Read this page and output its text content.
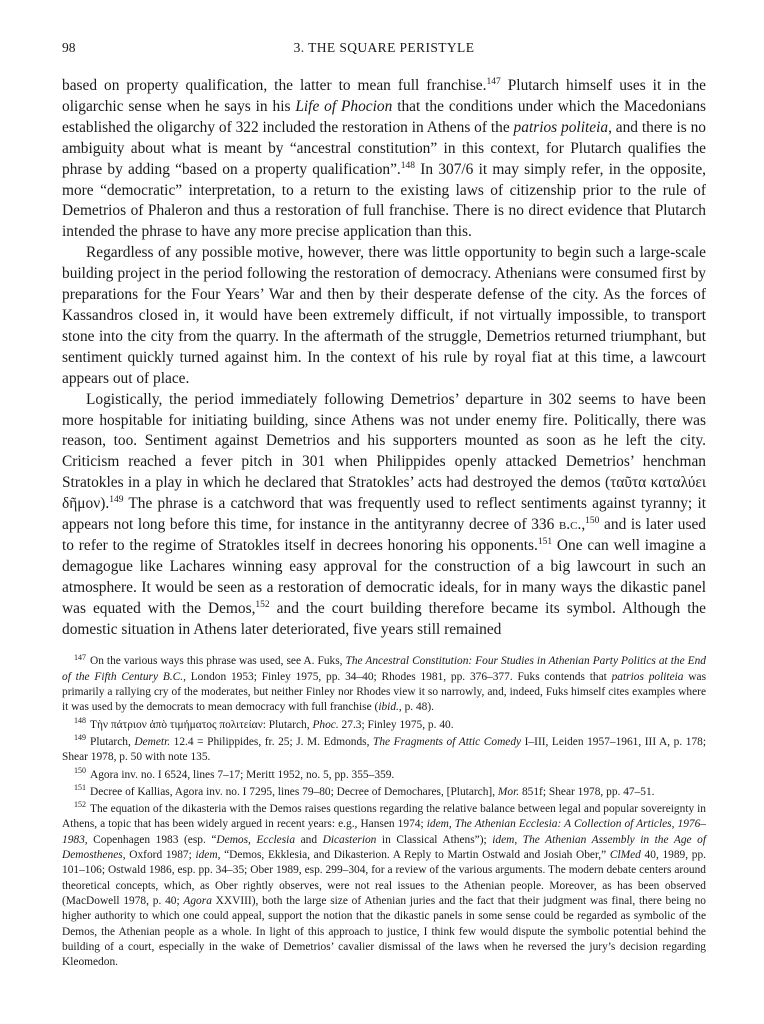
98	3. THE SQUARE PERISTYLE

based on property qualification, the latter to mean full franchise.$^{147}$ Plutarch himself uses it in the oligarchic sense when he says in his Life of Phocion that the conditions under which the Macedonians established the oligarchy of 322 included the restoration in Athens of the patrios politeia, and there is no ambiguity about what is meant by “ancestral constitution” in this context, for Plutarch qualifies the phrase by adding “based on a property qualification”.$^{148}$ In 307/6 it may simply refer, in the opposite, more “democratic” interpretation, to a return to the existing laws of citizenship prior to the rule of Demetrios of Phaleron and thus a restoration of full franchise. There is no direct evidence that Plutarch intended the phrase to have any more precise application than this.

Regardless of any possible motive, however, there was little opportunity to begin such a large-scale building project in the period following the restoration of democracy. Athenians were consumed first by preparations for the Four Years’ War and then by their desperate defense of the city. As the forces of Kassandros closed in, it would have been extremely difficult, if not virtually impossible, to transport stone into the city from the quarry. In the aftermath of the struggle, Demetrios returned triumphant, but sentiment quickly turned against him. In the context of his rule by royal fiat at this time, a lawcourt appears out of place.

Logistically, the period immediately following Demetrios’ departure in 302 seems to have been more hospitable for initiating building, since Athens was not under enemy fire. Politically, there was reason, too. Sentiment against Demetrios and his supporters mounted as soon as he left the city. Criticism reached a fever pitch in 301 when Philippides openly attacked Demetrios’ henchman Stratokles in a play in which he declared that Stratokles’ acts had destroyed the demos (ταῦτα καταλύει δῆμον).$^{149}$ The phrase is a catchword that was frequently used to reflect sentiments against tyranny; it appears not long before this time, for instance in the antityranny decree of 336 b.c.,$^{150}$ and is later used to refer to the regime of Stratokles itself in decrees honoring his opponents.$^{151}$ One can well imagine a demagogue like Lachares winning easy approval for the construction of a big lawcourt in such an atmosphere. It would be seen as a restoration of democratic ideals, for in many ways the dikastic panel was equated with the Demos,$^{152}$ and the court building therefore became its symbol. Although the domestic situation in Athens later deteriorated, five years still remained

$^{147}$ On the various ways this phrase was used, see A. Fuks, The Ancestral Constitution: Four Studies in Athenian Party Politics at the End of the Fifth Century B.C., London 1953; Finley 1975, pp. 34–40; Rhodes 1981, pp. 376–377. Fuks contends that patrios politeia was primarily a rallying cry of the moderates, but neither Finley nor Rhodes view it so narrowly, and, indeed, Fuks himself cites examples where it was used by the democrats to mean democracy with full franchise (ibid., p. 48).

$^{148}$ Τὴν πάτριον ἀπὸ τιμήματος πολιτείαν: Plutarch, Phoc. 27.3; Finley 1975, p. 40.

$^{149}$ Plutarch, Demetr. 12.4 = Philippides, fr. 25; J. M. Edmonds, The Fragments of Attic Comedy I–III, Leiden 1957–1961, III A, p. 178; Shear 1978, p. 50 with note 135.

$^{150}$ Agora inv. no. I 6524, lines 7–17; Meritt 1952, no. 5, pp. 355–359.

$^{151}$ Decree of Kallias, Agora inv. no. I 7295, lines 79–80; Decree of Demochares, [Plutarch], Mor. 851f; Shear 1978, pp. 47–51.

$^{152}$ The equation of the dikasteria with the Demos raises questions regarding the relative balance between legal and popular sovereignty in Athens, a topic that has been widely argued in recent years: e.g., Hansen 1974; idem, The Athenian Ecclesia: A Collection of Articles, 1976–1983, Copenhagen 1983 (esp. “Demos, Ecclesia and Dicasterion in Classical Athens”); idem, The Athenian Assembly in the Age of Demosthenes, Oxford 1987; idem, “Demos, Ekklesia, and Dikasterion. A Reply to Martin Ostwald and Josiah Ober,” ClMed 40, 1989, pp. 101–106; Ostwald 1986, esp. pp. 34–35; Ober 1989, esp. 299–304, for a review of the various arguments. The modern debate centers around theoretical concepts, which, as Ober rightly observes, were not real issues to the Athenian people. Moreover, as has been observed (MacDowell 1978, p. 40; Agora XXVIII), both the large size of Athenian juries and the fact that their judgment was final, there being no higher authority to which one could appeal, support the notion that the dikastic panels in some sense could be regarded as symbolic of the Demos, the Athenian people as a whole. In light of this approach to justice, I think few would dispute the symbolic potential behind the building of a court, especially in the wake of Demetrios’ cavalier dismissal of the laws when he reversed the jury’s decision regarding Kleomedon.
